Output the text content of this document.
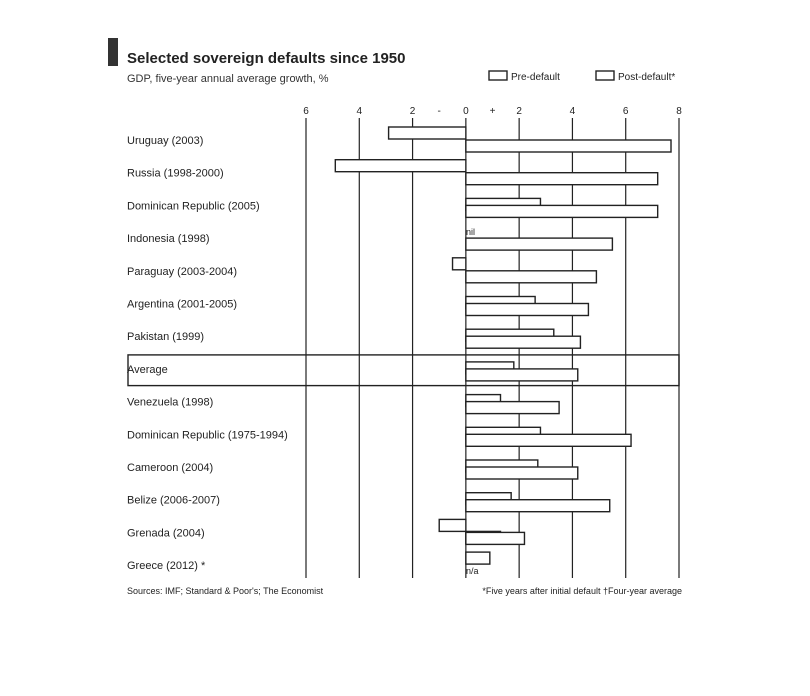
Selected sovereign defaults since 1950
GDP, five-year annual average growth, %	Pre-default	Post-default*
6	4	2 - 0 + 2	4	6	8
Uruguay (2003)
Russia (1998-2000)
Dominican Republic (2005)
Indonesia (1998)
Paraguay (2003-2004)
Argentina (2001-2005)
Pakistan (1999)
Average
Venezuela (1998)
Dominican Republic (1975-1994)
Cameroon (2004)
Belize (2006-2007)
Grenada (2004)
Greece (2012) *
nil
n/a
Sources: IMF; Standard & Poor's; The Economist	*Five years after initial default †Four-year average
